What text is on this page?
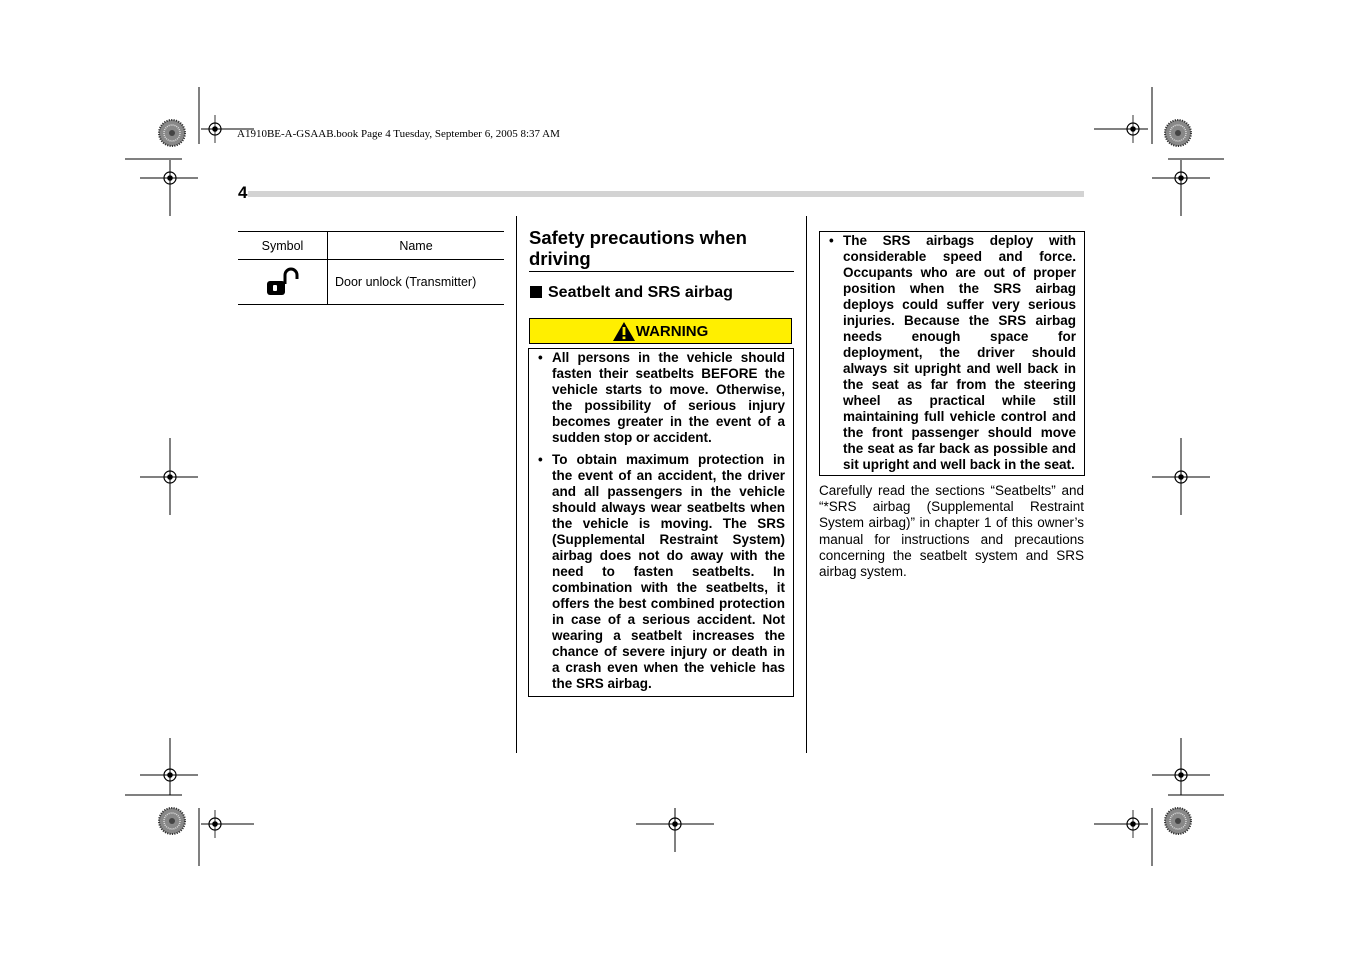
A1910BE-A-GSAAB.book Page 4 Tuesday, September 6, 2005 8:37 AM
4
Symbol	Name
	Door unlock (Transmitter)
Safety precautions when driving
Seatbelt and SRS airbag
WARNING
• All persons in the vehicle should fasten their seatbelts BEFORE the vehicle starts to move. Otherwise, the possibility of serious injury becomes greater in the event of a sudden stop or accident.
• To obtain maximum protection in the event of an accident, the driver and all passengers in the vehicle should always wear seatbelts when the vehicle is moving. The SRS (Supplemental Restraint System) airbag does not do away with the need to fasten seatbelts. In combination with the seatbelts, it offers the best combined protection in case of a serious accident. Not wearing a seatbelt increases the chance of severe injury or death in a crash even when the vehicle has the SRS airbag.
• The SRS airbags deploy with considerable speed and force. Occupants who are out of proper position when the SRS airbag deploys could suffer very serious injuries. Because the SRS airbag needs enough space for deployment, the driver should always sit upright and well back in the seat as far from the steering wheel as practical while still maintaining full vehicle control and the front passenger should move the seat as far back as possible and sit upright and well back in the seat.
Carefully read the sections “Seatbelts” and “*SRS airbag (Supplemental Restraint System airbag)” in chapter 1 of this owner’s manual for instructions and precautions concerning the seatbelt system and SRS airbag system.
